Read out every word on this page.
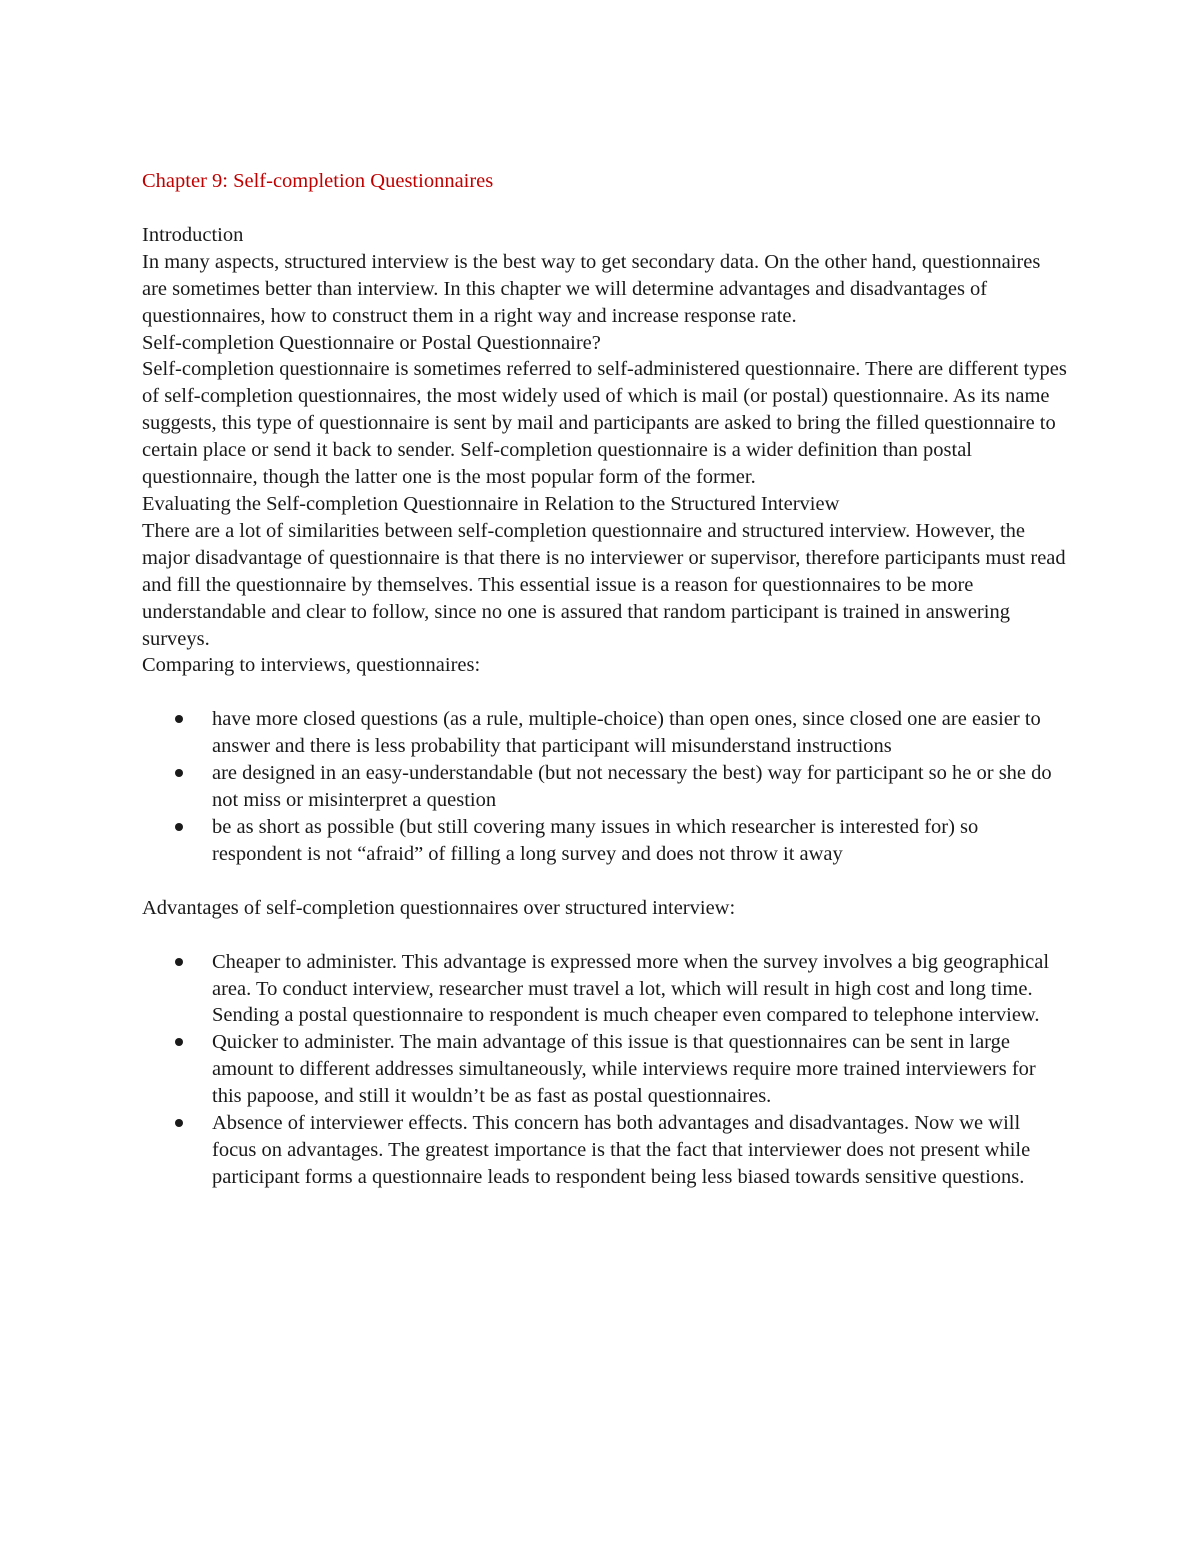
Chapter 9: Self-completion Questionnaires

Introduction

In many aspects, structured interview is the best way to get secondary data. On the other hand, questionnaires are sometimes better than interview. In this chapter we will determine advantages and disadvantages of questionnaires, how to construct them in a right way and increase response rate.

Self-completion Questionnaire or Postal Questionnaire?

Self-completion questionnaire is sometimes referred to self-administered questionnaire. There are different types of self-completion questionnaires, the most widely used of which is mail (or postal) questionnaire. As its name suggests, this type of questionnaire is sent by mail and participants are asked to bring the filled questionnaire to certain place or send it back to sender. Self-completion questionnaire is a wider definition than postal questionnaire, though the latter one is the most popular form of the former.

Evaluating the Self-completion Questionnaire in Relation to the Structured Interview

There are a lot of similarities between self-completion questionnaire and structured interview. However, the major disadvantage of questionnaire is that there is no interviewer or supervisor, therefore participants must read and fill the questionnaire by themselves. This essential issue is a reason for questionnaires to be more understandable and clear to follow, since no one is assured that random participant is trained in answering surveys.

Comparing to interviews, questionnaires:

have more closed questions (as a rule, multiple-choice) than open ones, since closed one are easier to answer and there is less probability that participant will misunderstand instructions
are designed in an easy-understandable (but not necessary the best) way for participant so he or she do not miss or misinterpret a question
be as short as possible (but still covering many issues in which researcher is interested for) so respondent is not “afraid” of filling a long survey and does not throw it away

Advantages of self-completion questionnaires over structured interview:

Cheaper to administer. This advantage is expressed more when the survey involves a big geographical area. To conduct interview, researcher must travel a lot, which will result in high cost and long time. Sending a postal questionnaire to respondent is much cheaper even compared to telephone interview.
Quicker to administer. The main advantage of this issue is that questionnaires can be sent in large amount to different addresses simultaneously, while interviews require more trained interviewers for this papoose, and still it wouldn’t be as fast as postal questionnaires.
Absence of interviewer effects. This concern has both advantages and disadvantages. Now we will focus on advantages. The greatest importance is that the fact that interviewer does not present while participant forms a questionnaire leads to respondent being less biased towards sensitive questions.
